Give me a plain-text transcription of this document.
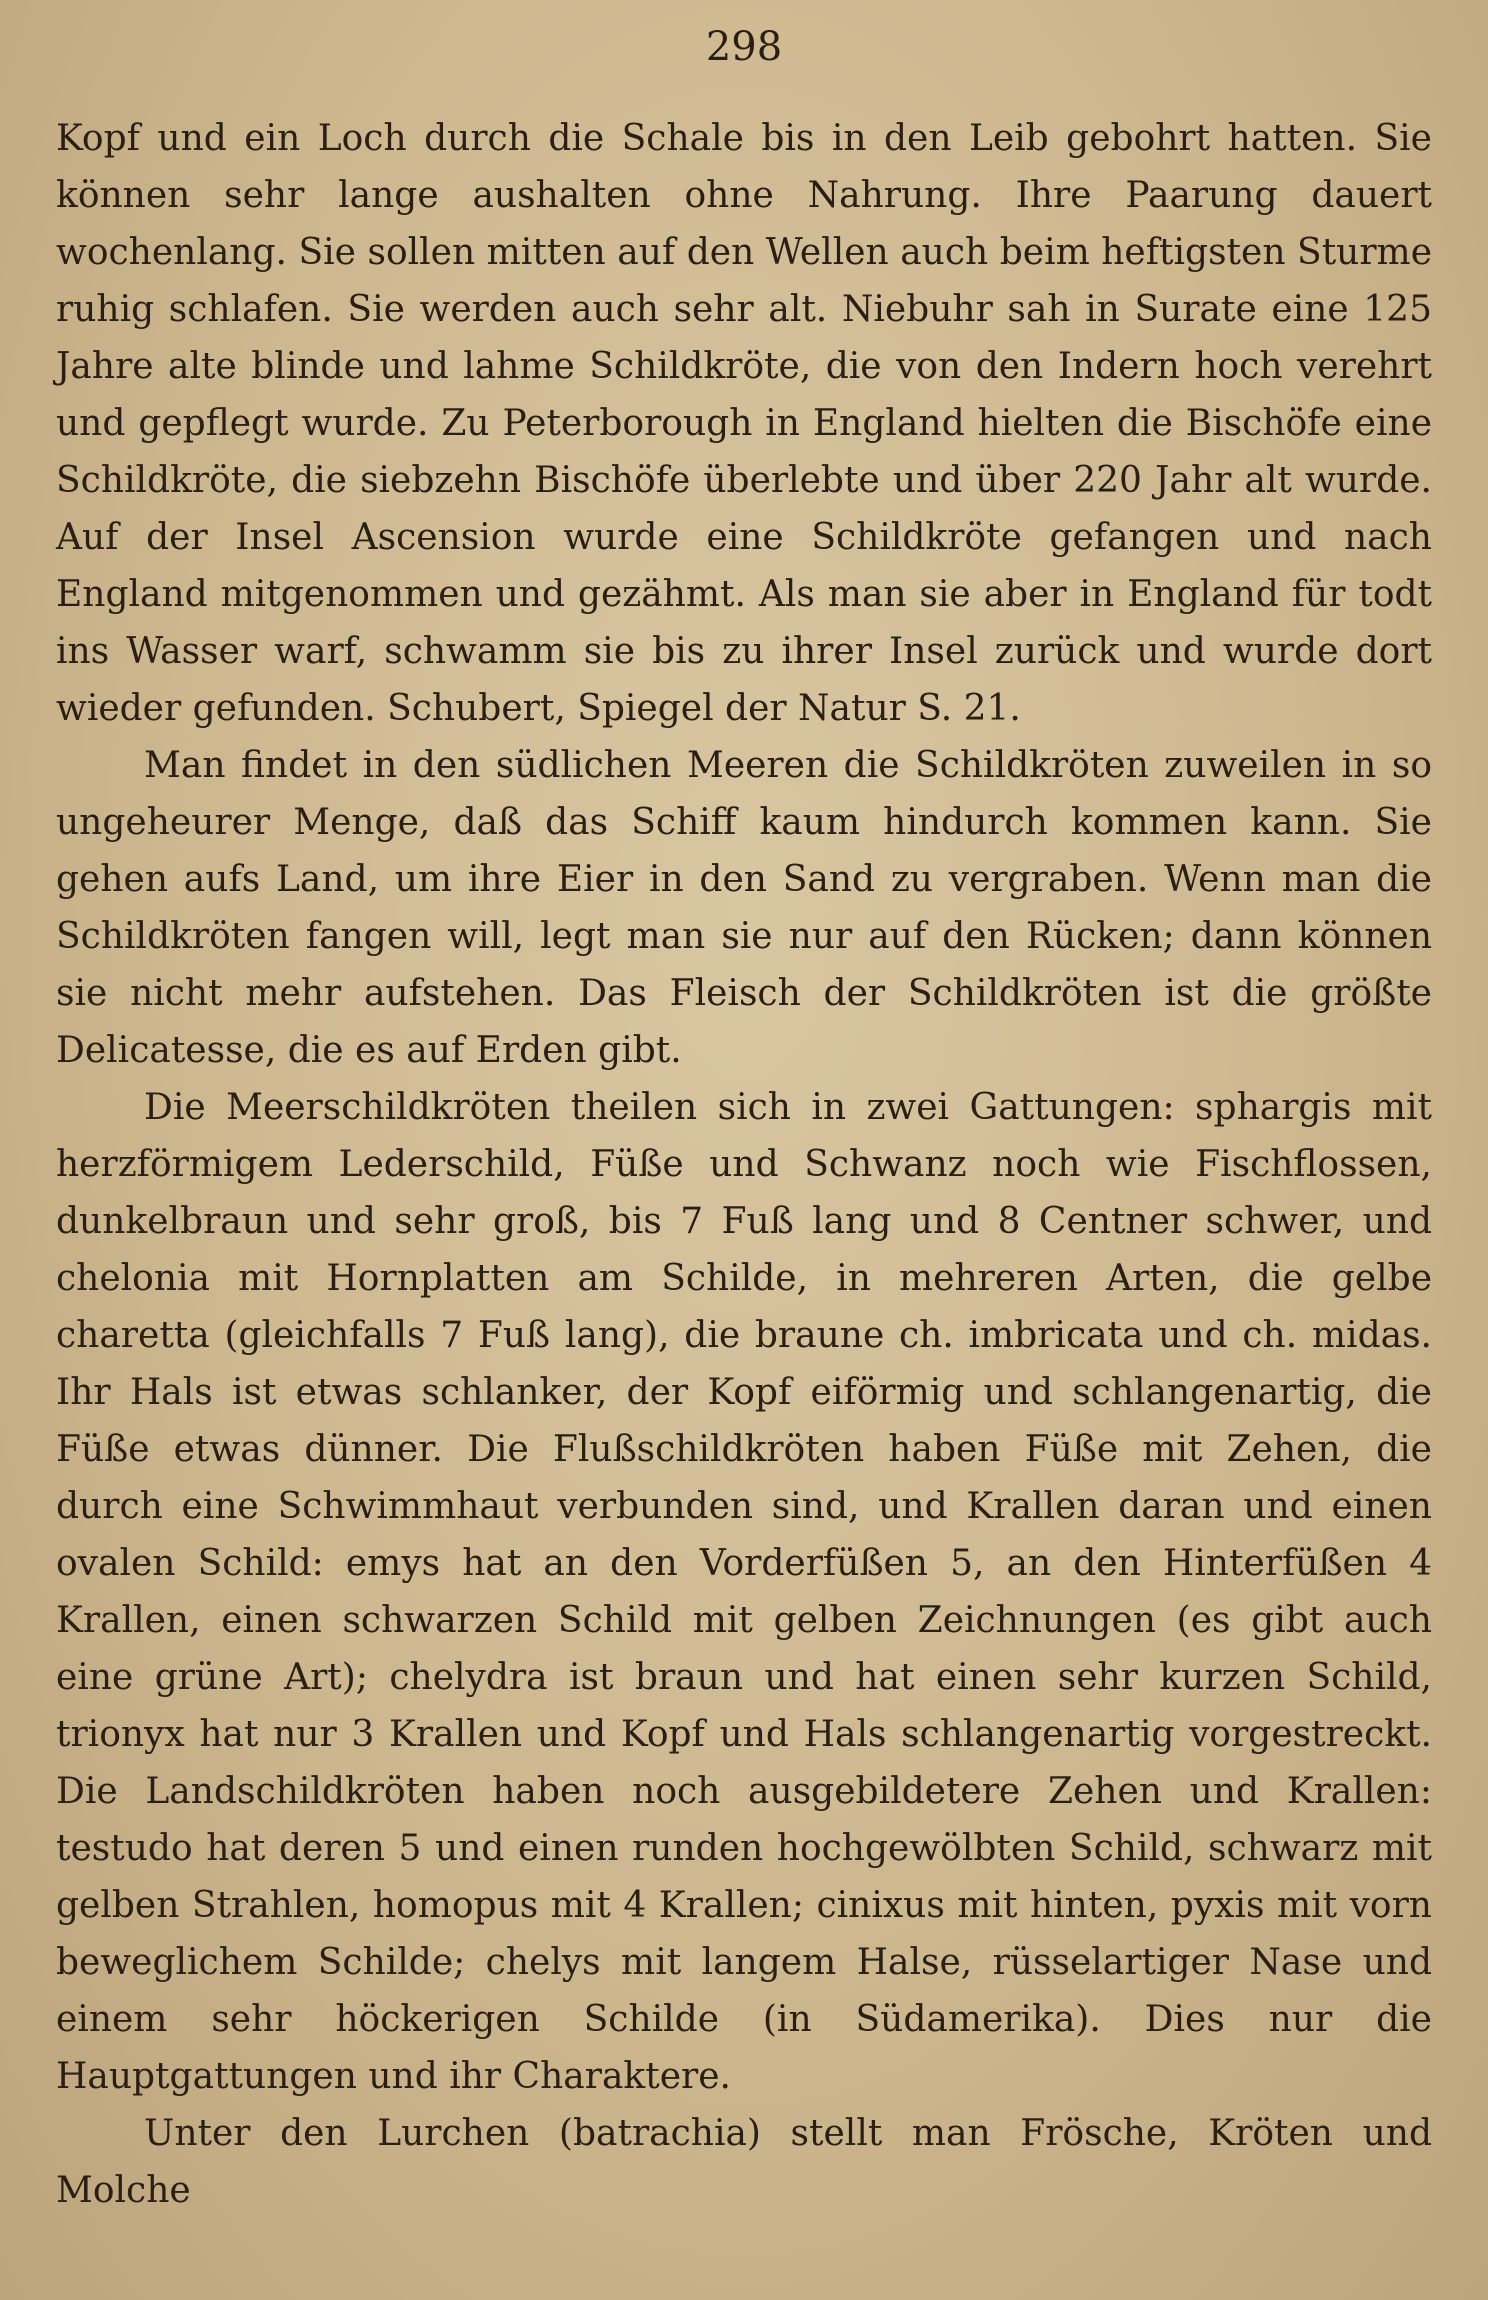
298

Kopf und ein Loch durch die Schale bis in den Leib gebohrt hatten. Sie können sehr lange aushalten ohne Nahrung. Ihre Paarung dauert wochenlang. Sie sollen mitten auf den Wellen auch beim heftigsten Sturme ruhig schlafen. Sie werden auch sehr alt. Niebuhr sah in Surate eine 125 Jahre alte blinde und lahme Schildkröte, die von den Indern hoch verehrt und gepflegt wurde. Zu Peterborough in England hielten die Bischöfe eine Schildkröte, die siebzehn Bischöfe überlebte und über 220 Jahr alt wurde. Auf der Insel Ascension wurde eine Schildkröte gefangen und nach England mitgenommen und gezähmt. Als man sie aber in England für todt ins Wasser warf, schwamm sie bis zu ihrer Insel zurück und wurde dort wieder gefunden. Schubert, Spiegel der Natur S. 21.

Man findet in den südlichen Meeren die Schildkröten zuweilen in so ungeheurer Menge, daß das Schiff kaum hindurch kommen kann. Sie gehen aufs Land, um ihre Eier in den Sand zu vergraben. Wenn man die Schildkröten fangen will, legt man sie nur auf den Rücken; dann können sie nicht mehr aufstehen. Das Fleisch der Schildkröten ist die größte Delicatesse, die es auf Erden gibt.

Die Meerschildkröten theilen sich in zwei Gattungen: sphargis mit herzförmigem Lederschild, Füße und Schwanz noch wie Fischflossen, dunkelbraun und sehr groß, bis 7 Fuß lang und 8 Centner schwer, und chelonia mit Hornplatten am Schilde, in mehreren Arten, die gelbe charetta (gleichfalls 7 Fuß lang), die braune ch. imbricata und ch. midas. Ihr Hals ist etwas schlanker, der Kopf eiförmig und schlangenartig, die Füße etwas dünner. Die Flußschildkröten haben Füße mit Zehen, die durch eine Schwimmhaut verbunden sind, und Krallen daran und einen ovalen Schild: emys hat an den Vorderfüßen 5, an den Hinterfüßen 4 Krallen, einen schwarzen Schild mit gelben Zeichnungen (es gibt auch eine grüne Art); chelydra ist braun und hat einen sehr kurzen Schild, trionyx hat nur 3 Krallen und Kopf und Hals schlangenartig vorgestreckt. Die Landschildkröten haben noch ausgebildetere Zehen und Krallen: testudo hat deren 5 und einen runden hochgewölbten Schild, schwarz mit gelben Strahlen, homopus mit 4 Krallen; cinixus mit hinten, pyxis mit vorn beweglichem Schilde; chelys mit langem Halse, rüsselartiger Nase und einem sehr höckerigen Schilde (in Südamerika). Dies nur die Hauptgattungen und ihr Charaktere.

Unter den Lurchen (batrachia) stellt man Frösche, Kröten und Molche
